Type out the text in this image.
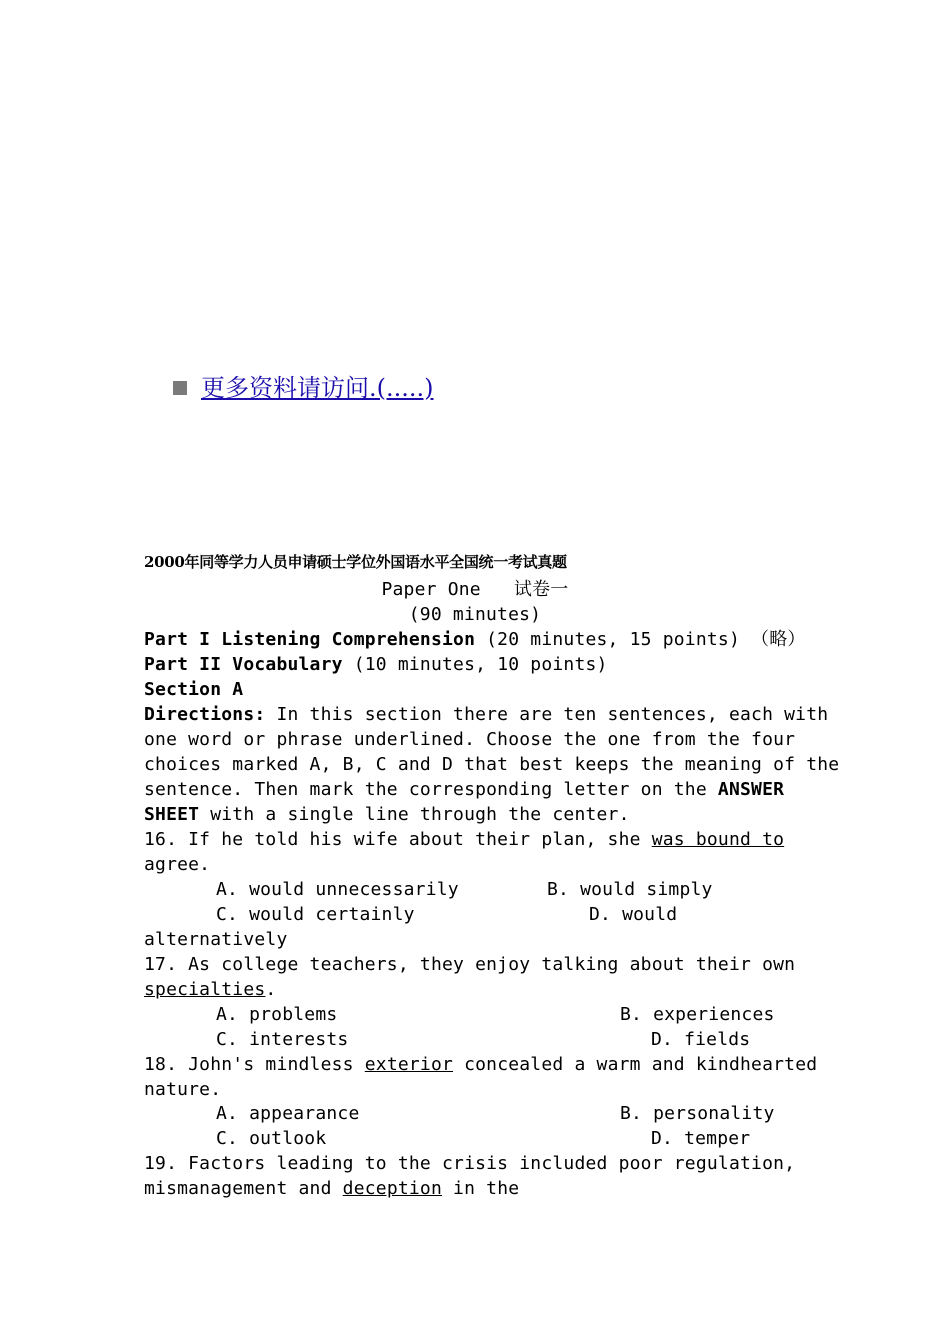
更多资料请访问.(.....)
2000年同等学力人员申请硕士学位外国语水平全国统一考试真题
Paper One   试卷一
(90 minutes)
Part I Listening Comprehension (20 minutes, 15 points) （略）
Part II Vocabulary (10 minutes, 10 points)
Section A
Directions: In this section there are ten sentences, each with
one word or phrase underlined. Choose the one from the four
choices marked A, B, C and D that best keeps the meaning of the
sentence. Then mark the corresponding letter on the ANSWER
SHEET with a single line through the center.
16. If he told his wife about their plan, she was bound to
agree.
A. would unnecessarily	B. would simply
C. would certainly	D. would
alternatively
17. As college teachers, they enjoy talking about their own
specialties.
A. problems	B. experiences
C. interests	D. fields
18. John's mindless exterior concealed a warm and kindhearted
nature.
A. appearance	B. personality
C. outlook	D. temper
19. Factors leading to the crisis included poor regulation,
mismanagement and deception in the
